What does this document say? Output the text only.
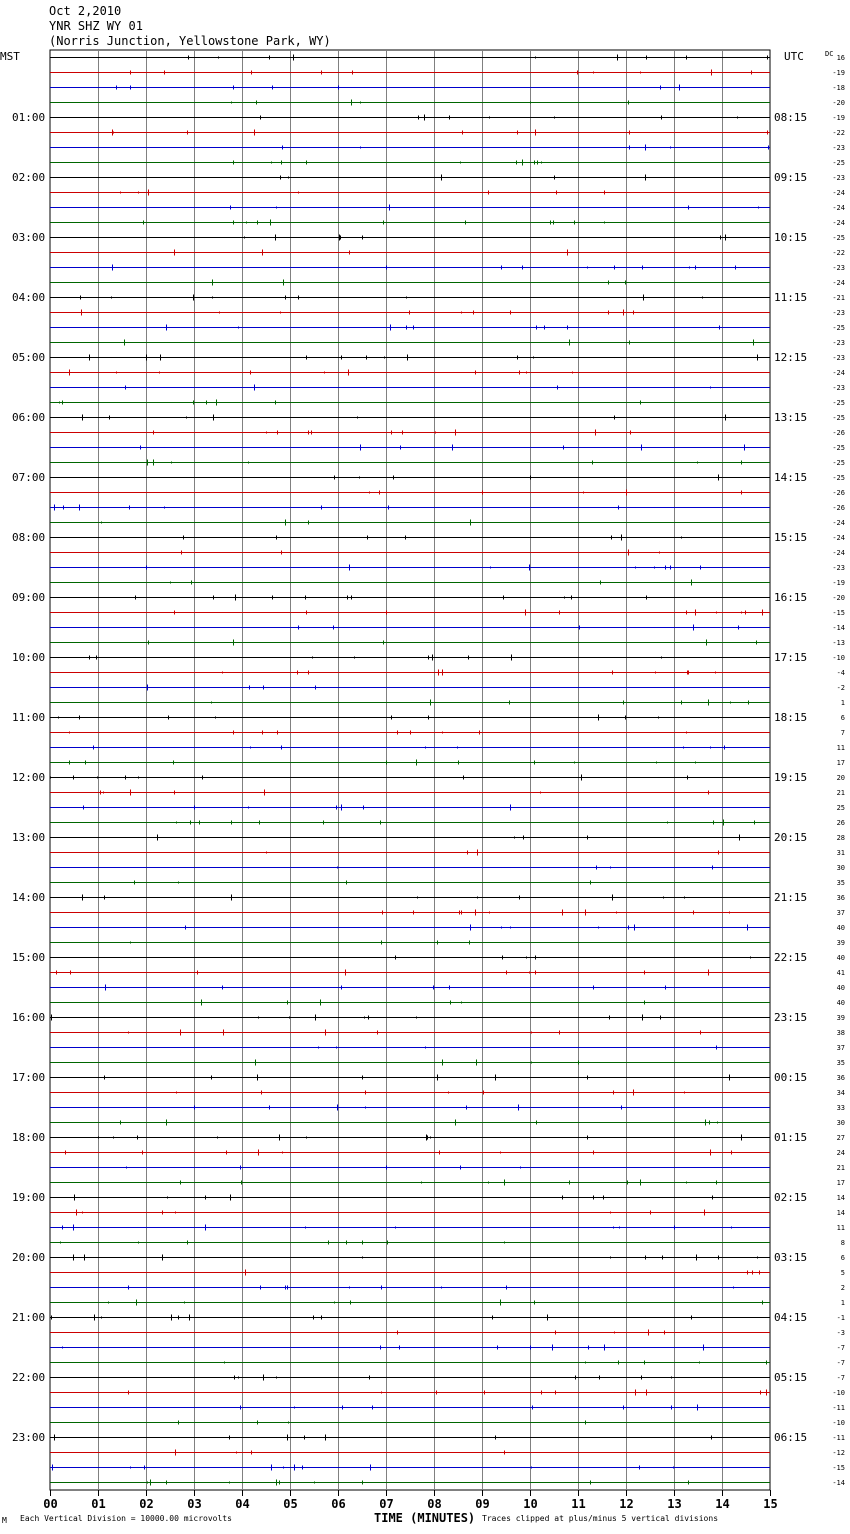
Oct 2,2010
YNR SHZ WY 01
(Norris Junction, Yellowstone Park, WY)
MST	UTC	DC
00	01	02	03	04	05	06	07	08	09	10	11	12	13	14	15
16
-19
-18
-20
-19
-22
-23
-25
-23
-24
-24
-24
-25
-22
-23
-24
-21
-23
-25
-23
-23
-24
-23
-25
-25
-26
-25
-25
-25
-26
-26
-24
-24
-24
-23
-19
-20
-15
-14
-13
-10
-4
-2
1
6
7
11
17
20
21
25
26
28
31
30
35
36
37
40
39
40
41
40
40
39
38
37
35
36
34
33
30
27
24
21
17
14
14
11
8
6
5
2
1
-1
-3
-7
-7
-7
-10
-11
-10
-11
-12
-15
-14
01:00
02:00
03:00
04:00
05:00
06:00
07:00
08:00
09:00
10:00
11:00
12:00
13:00
14:00
15:00
16:00
17:00
18:00
19:00
20:00
21:00
22:00
23:00
08:15
09:15
10:15
11:15
12:15
13:15
14:15
15:15
16:15
17:15
18:15
19:15
20:15
21:15
22:15
23:15
00:15
01:15
02:15
03:15
04:15
05:15
06:15
M Each Vertical Division = 10000.00 microvolts	TIME (MINUTES) Traces clipped at plus/minus 5 vertical divisions
